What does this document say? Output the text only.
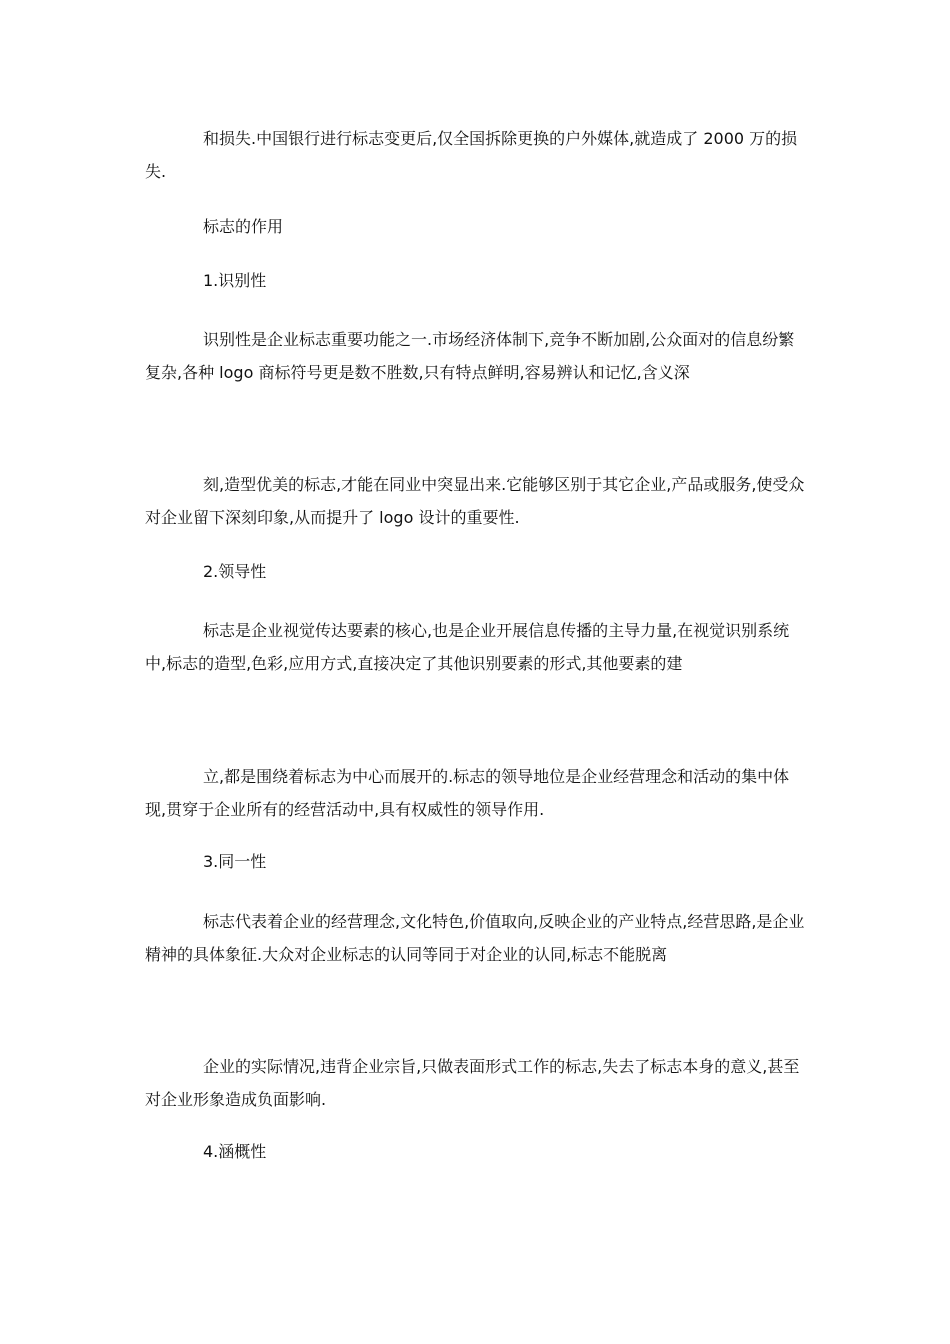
和损失.中国银行进行标志变更后,仅全国拆除更换的户外媒体,就造成了 2000 万的损失.

标志的作用
1.识别性

识别性是企业标志重要功能之一.市场经济体制下,竞争不断加剧,公众面对的信息纷繁复杂,各种 logo 商标符号更是数不胜数,只有特点鲜明,容易辨认和记忆,含义深

刻,造型优美的标志,才能在同业中突显出来.它能够区别于其它企业,产品或服务,使受众对企业留下深刻印象,从而提升了 logo 设计的重要性.

2.领导性

标志是企业视觉传达要素的核心,也是企业开展信息传播的主导力量,在视觉识别系统中,标志的造型,色彩,应用方式,直接决定了其他识别要素的形式,其他要素的建

立,都是围绕着标志为中心而展开的.标志的领导地位是企业经营理念和活动的集中体现,贯穿于企业所有的经营活动中,具有权威性的领导作用.

3.同一性

标志代表着企业的经营理念,文化特色,价值取向,反映企业的产业特点,经营思路,是企业精神的具体象征.大众对企业标志的认同等同于对企业的认同,标志不能脱离

企业的实际情况,违背企业宗旨,只做表面形式工作的标志,失去了标志本身的意义,甚至对企业形象造成负面影响.

4.涵概性
